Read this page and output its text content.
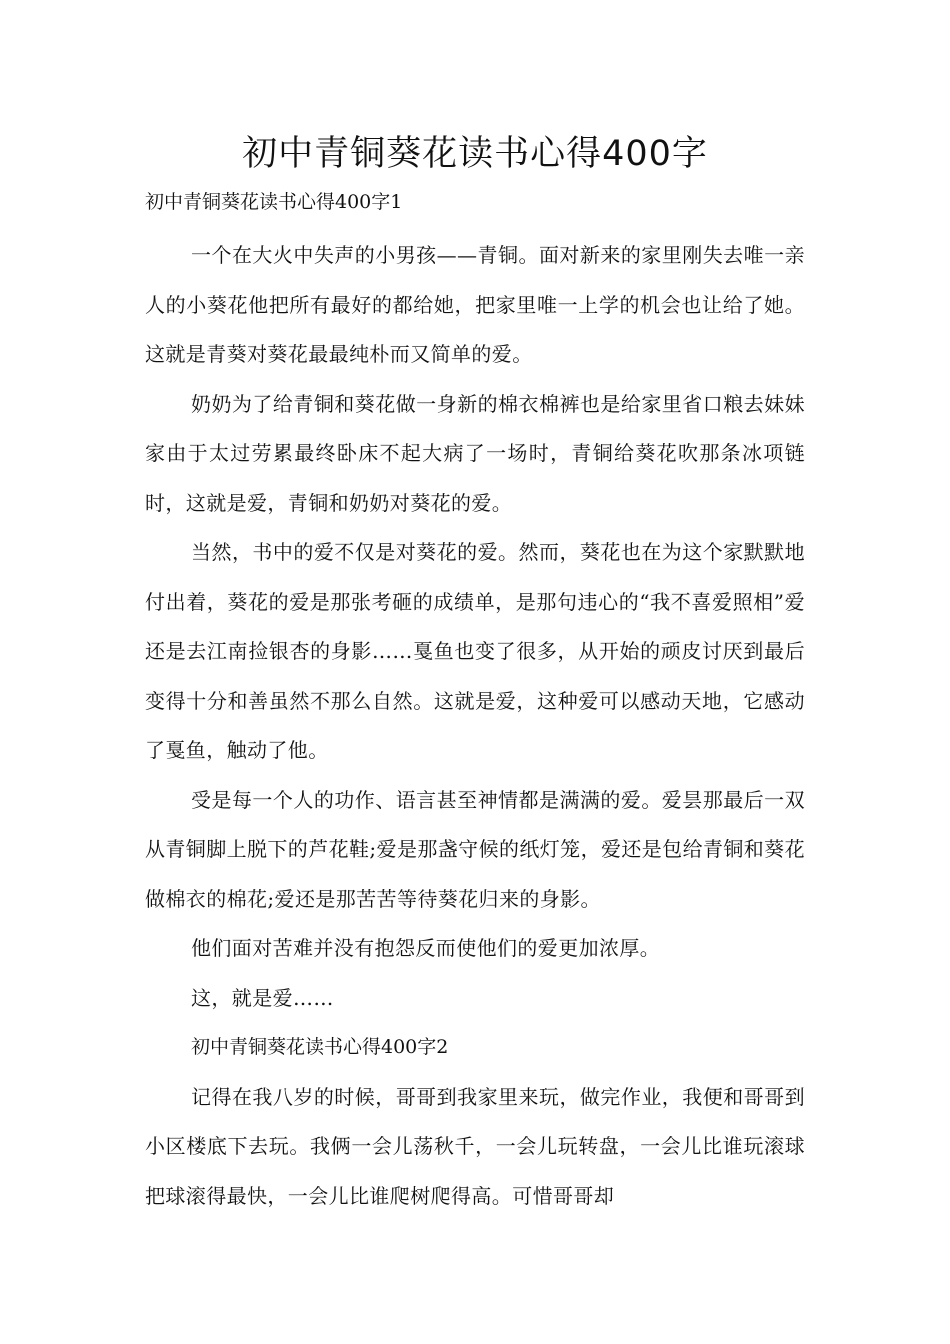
初中青铜葵花读书心得400字
初中青铜葵花读书心得400字1

一个在大火中失声的小男孩——青铜。面对新来的家里刚失去唯一亲人的小葵花他把所有最好的都给她，把家里唯一上学的机会也让给了她。这就是青葵对葵花最最纯朴而又简单的爱。

奶奶为了给青铜和葵花做一身新的棉衣棉裤也是给家里省口粮去妹妹家由于太过劳累最终卧床不起大病了一场时，青铜给葵花吹那条冰项链时，这就是爱，青铜和奶奶对葵花的爱。

当然，书中的爱不仅是对葵花的爱。然而，葵花也在为这个家默默地付出着，葵花的爱是那张考砸的成绩单，是那句违心的“我不喜爱照相”爱还是去江南捡银杏的身影……戛鱼也变了很多，从开始的顽皮讨厌到最后变得十分和善虽然不那么自然。这就是爱，这种爱可以感动天地，它感动了戛鱼，触动了他。

受是每一个人的功作、语言甚至神情都是满满的爱。爱昙那最后一双从青铜脚上脱下的芦花鞋;爱是那盏守候的纸灯笼，爱还是包给青铜和葵花做棉衣的棉花;爱还是那苦苦等待葵花归来的身影。

他们面对苦难并没有抱怨反而使他们的爱更加浓厚。

这，就是爱……

初中青铜葵花读书心得400字2

记得在我八岁的时候，哥哥到我家里来玩，做完作业，我便和哥哥到小区楼底下去玩。我俩一会儿荡秋千，一会儿玩转盘，一会儿比谁玩滚球把球滚得最快，一会儿比谁爬树爬得高。可惜哥哥却
